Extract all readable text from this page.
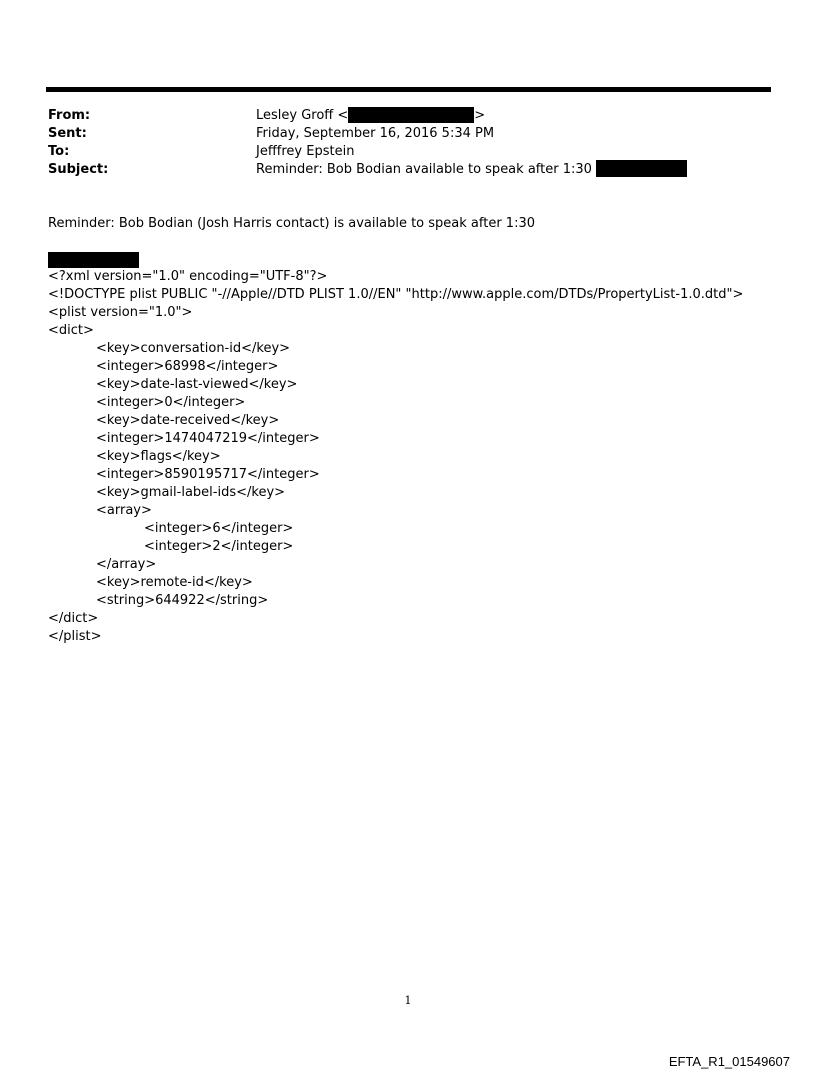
From:	Lesley Groff <	>
Sent:	Friday, September 16, 2016 5:34 PM
To:	Jefffrey Epstein
Subject:	Reminder: Bob Bodian available to speak after 1:30
Reminder: Bob Bodian (Josh Harris contact) is available to speak after 1:30
<?xml version="1.0" encoding="UTF-8"?>
<!DOCTYPE plist PUBLIC "-//Apple//DTD PLIST 1.0//EN" "http://www.apple.com/DTDs/PropertyList-1.0.dtd">
<plist version="1.0">
<dict>
<key>conversation-id</key>
<integer>68998</integer>
<key>date-last-viewed</key>
<integer>0</integer>
<key>date-received</key>
<integer>1474047219</integer>
<key>flags</key>
<integer>8590195717</integer>
<key>gmail-label-ids</key>
<array>
<integer>6</integer>
<integer>2</integer>
</array>
<key>remote-id</key>
<string>644922</string>
</dict>
</plist>
1
EFTA_R1_01549607
